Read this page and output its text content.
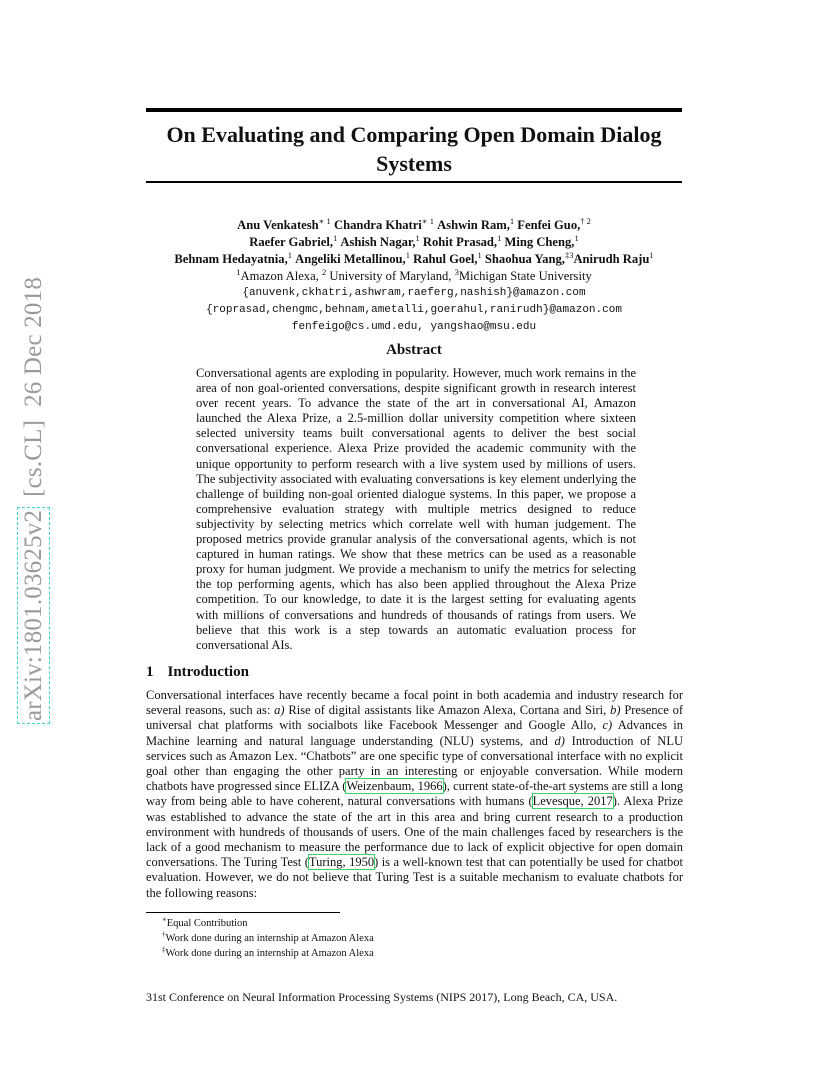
arXiv:1801.03625v2  [cs.CL]  26 Dec 2018
On Evaluating and Comparing Open Domain Dialog
Systems
Anu Venkatesh$^{∗ 1}$ Chandra Khatri$^{∗ 1}$ Ashwin Ram,$^1$ Fenfei Guo,$^{\dagger 2}$
Raefer Gabriel,$^1$ Ashish Nagar,$^1$ Rohit Prasad,$^1$ Ming Cheng,$^1$
Behnam Hedayatnia,$^1$ Angeliki Metallinou,$^1$ Rahul Goel,$^1$ Shaohua Yang,$^{\ddagger 3}$Anirudh Raju$^1$
$^1$Amazon Alexa, $^2$ University of Maryland, $^3$Michigan State University
{anuvenk,ckhatri,ashwram,raeferg,nashish}@amazon.com
{roprasad,chengmc,behnam,ametalli,goerahul,ranirudh}@amazon.com
fenfeigo@cs.umd.edu, yangshao@msu.edu
Abstract
Conversational agents are exploding in popularity. However, much work remains in the area of non goal-oriented conversations, despite significant growth in research interest over recent years. To advance the state of the art in conversational AI, Amazon launched the Alexa Prize, a 2.5-million dollar university competition where sixteen selected university teams built conversational agents to deliver the best social conversational experience. Alexa Prize provided the academic community with the unique opportunity to perform research with a live system used by millions of users. The subjectivity associated with evaluating conversations is key element underlying the challenge of building non-goal oriented dialogue systems. In this paper, we propose a comprehensive evaluation strategy with multiple metrics designed to reduce subjectivity by selecting metrics which correlate well with human judgement. The proposed metrics provide granular analysis of the conversational agents, which is not captured in human ratings. We show that these metrics can be used as a reasonable proxy for human judgment. We provide a mechanism to unify the metrics for selecting the top performing agents, which has also been applied throughout the Alexa Prize competition. To our knowledge, to date it is the largest setting for evaluating agents with millions of conversations and hundreds of thousands of ratings from users. We believe that this work is a step towards an automatic evaluation process for conversational AIs.
1 Introduction
Conversational interfaces have recently became a focal point in both academia and industry research for several reasons, such as: a) Rise of digital assistants like Amazon Alexa, Cortana and Siri, b) Presence of universal chat platforms with socialbots like Facebook Messenger and Google Allo, c) Advances in Machine learning and natural language understanding (NLU) systems, and d) Introduction of NLU services such as Amazon Lex. “Chatbots” are one specific type of conversational interface with no explicit goal other than engaging the other party in an interesting or enjoyable conversation. While modern chatbots have progressed since ELIZA (Weizenbaum, 1966), current state-of-the-art systems are still a long way from being able to have coherent, natural conversations with humans (Levesque, 2017). Alexa Prize was established to advance the state of the art in this area and bring current research to a production environment with hundreds of thousands of users. One of the main challenges faced by researchers is the lack of a good mechanism to measure the performance due to lack of explicit objective for open domain conversations. The Turing Test (Turing, 1950) is a well-known test that can potentially be used for chatbot evaluation. However, we do not believe that Turing Test is a suitable mechanism to evaluate chatbots for the following reasons:
∗Equal Contribution
†Work done during an internship at Amazon Alexa
‡Work done during an internship at Amazon Alexa
31st Conference on Neural Information Processing Systems (NIPS 2017), Long Beach, CA, USA.
